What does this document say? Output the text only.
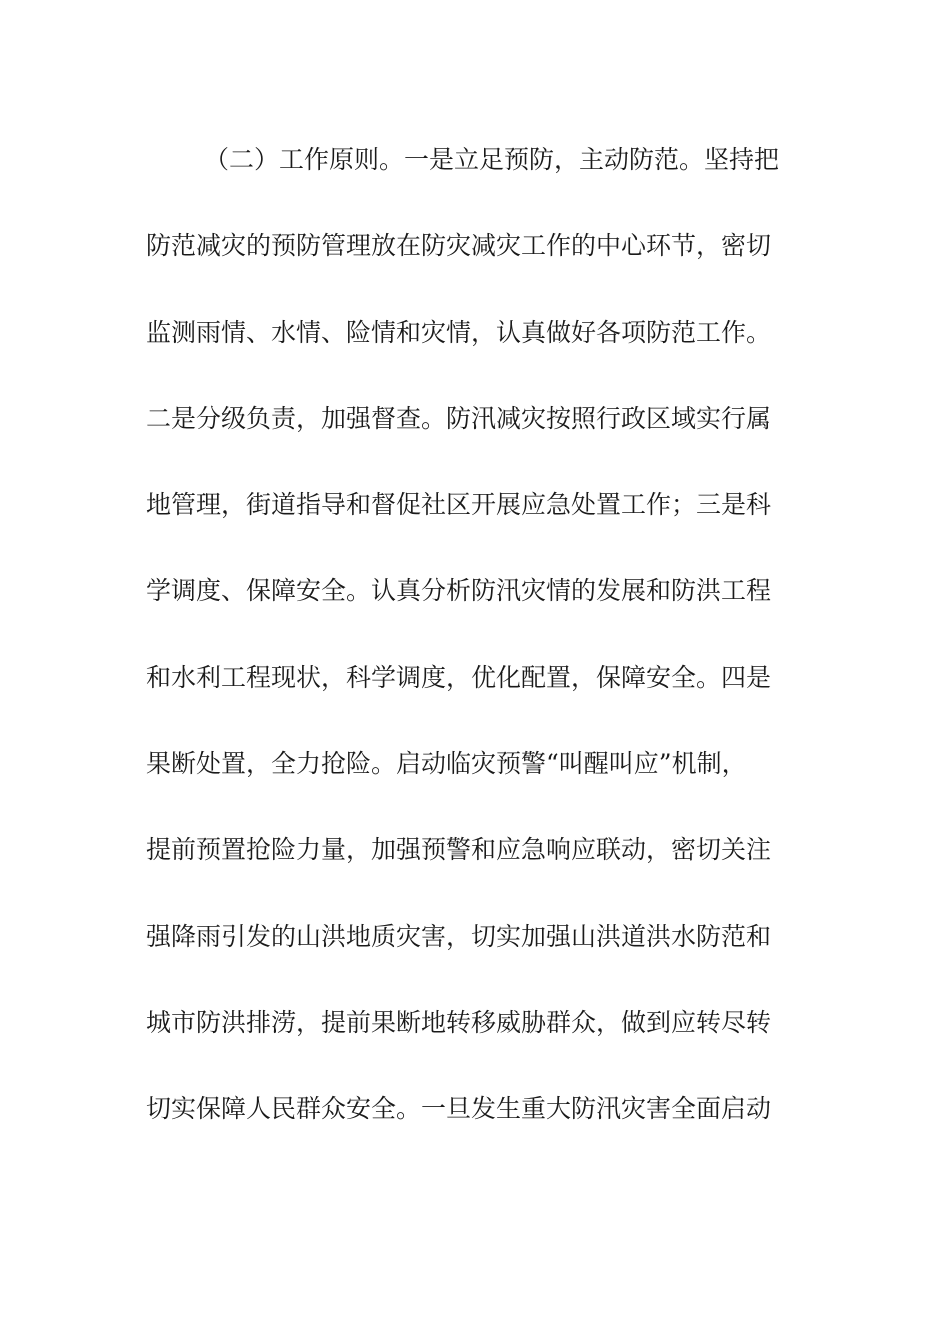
（二）工作原则。一是立足预防，主动防范。坚持把
防范减灾的预防管理放在防灾减灾工作的中心环节，密切
监测雨情、水情、险情和灾情，认真做好各项防范工作。
二是分级负责，加强督查。防汛减灾按照行政区域实行属
地管理，街道指导和督促社区开展应急处置工作；三是科
学调度、保障安全。认真分析防汛灾情的发展和防洪工程
和水利工程现状，科学调度，优化配置，保障安全。四是
果断处置，全力抢险。启动临灾预警“叫醒叫应”机制，
提前预置抢险力量，加强预警和应急响应联动，密切关注
强降雨引发的山洪地质灾害，切实加强山洪道洪水防范和
城市防洪排涝，提前果断地转移威胁群众，做到应转尽转
切实保障人民群众安全。一旦发生重大防汛灾害全面启动
